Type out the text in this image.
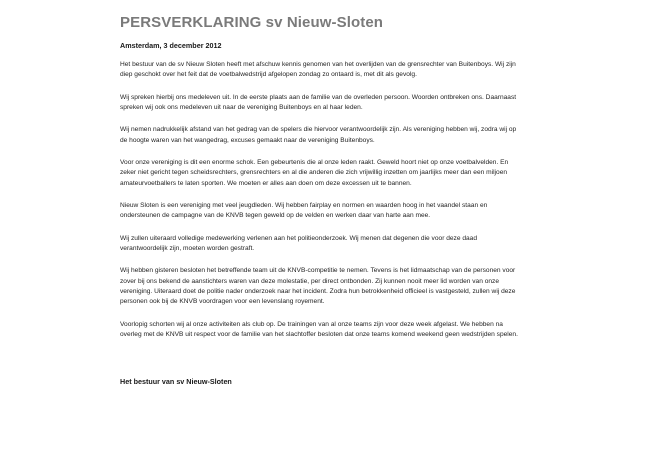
PERSVERKLARING sv Nieuw-Sloten

Amsterdam, 3 december 2012

Het bestuur van de sv Nieuw Sloten heeft met afschuw kennis genomen van het overlijden van de grensrechter van Buitenboys. Wij zijn diep geschokt over het feit dat de voetbalwedstrijd afgelopen zondag zo ontaard is, met dit als gevolg.

Wij spreken hierbij ons medeleven uit. In de eerste plaats aan de familie van de overleden persoon. Woorden ontbreken ons. Daarnaast spreken wij ook ons medeleven uit naar de vereniging Buitenboys en al haar leden.

Wij nemen nadrukkelijk afstand van het gedrag van de spelers die hiervoor verantwoordelijk zijn. Als vereniging hebben wij, zodra wij op de hoogte waren van het wangedrag, excuses gemaakt naar de vereniging Buitenboys.

Voor onze vereniging is dit een enorme schok. Een gebeurtenis die al onze leden raakt. Geweld hoort niet op onze voetbalvelden. En zeker niet gericht tegen scheidsrechters, grensrechters en al die anderen die zich vrijwillig inzetten om jaarlijks meer dan een miljoen amateurvoetballers te laten sporten. We moeten er alles aan doen om deze excessen uit te bannen.

Nieuw Sloten is een vereniging met veel jeugdleden. Wij hebben fairplay en normen en waarden hoog in het vaandel staan en ondersteunen de campagne van de KNVB tegen geweld op de velden en werken daar van harte aan mee.

Wij zullen uiteraard volledige medewerking verlenen aan het politieonderzoek. Wij menen dat degenen die voor deze daad verantwoordelijk zijn, moeten worden gestraft.

Wij hebben gisteren besloten het betreffende team uit de KNVB-competitie te nemen. Tevens is het lidmaatschap van de personen voor zover bij ons bekend de aanstichters waren van deze molestatie, per direct ontbonden. Zij kunnen nooit meer lid worden van onze vereniging. Uiteraard doet de politie nader onderzoek naar het incident. Zodra hun betrokkenheid officieel is vastgesteld, zullen wij deze personen ook bij de KNVB voordragen voor een levenslang royement.

Voorlopig schorten wij al onze activiteiten als club op. De trainingen van al onze teams zijn voor deze week afgelast. We hebben na overleg met de KNVB uit respect voor de familie van het slachtoffer besloten dat onze teams komend weekend geen wedstrijden spelen.

Het bestuur van sv Nieuw-Sloten
